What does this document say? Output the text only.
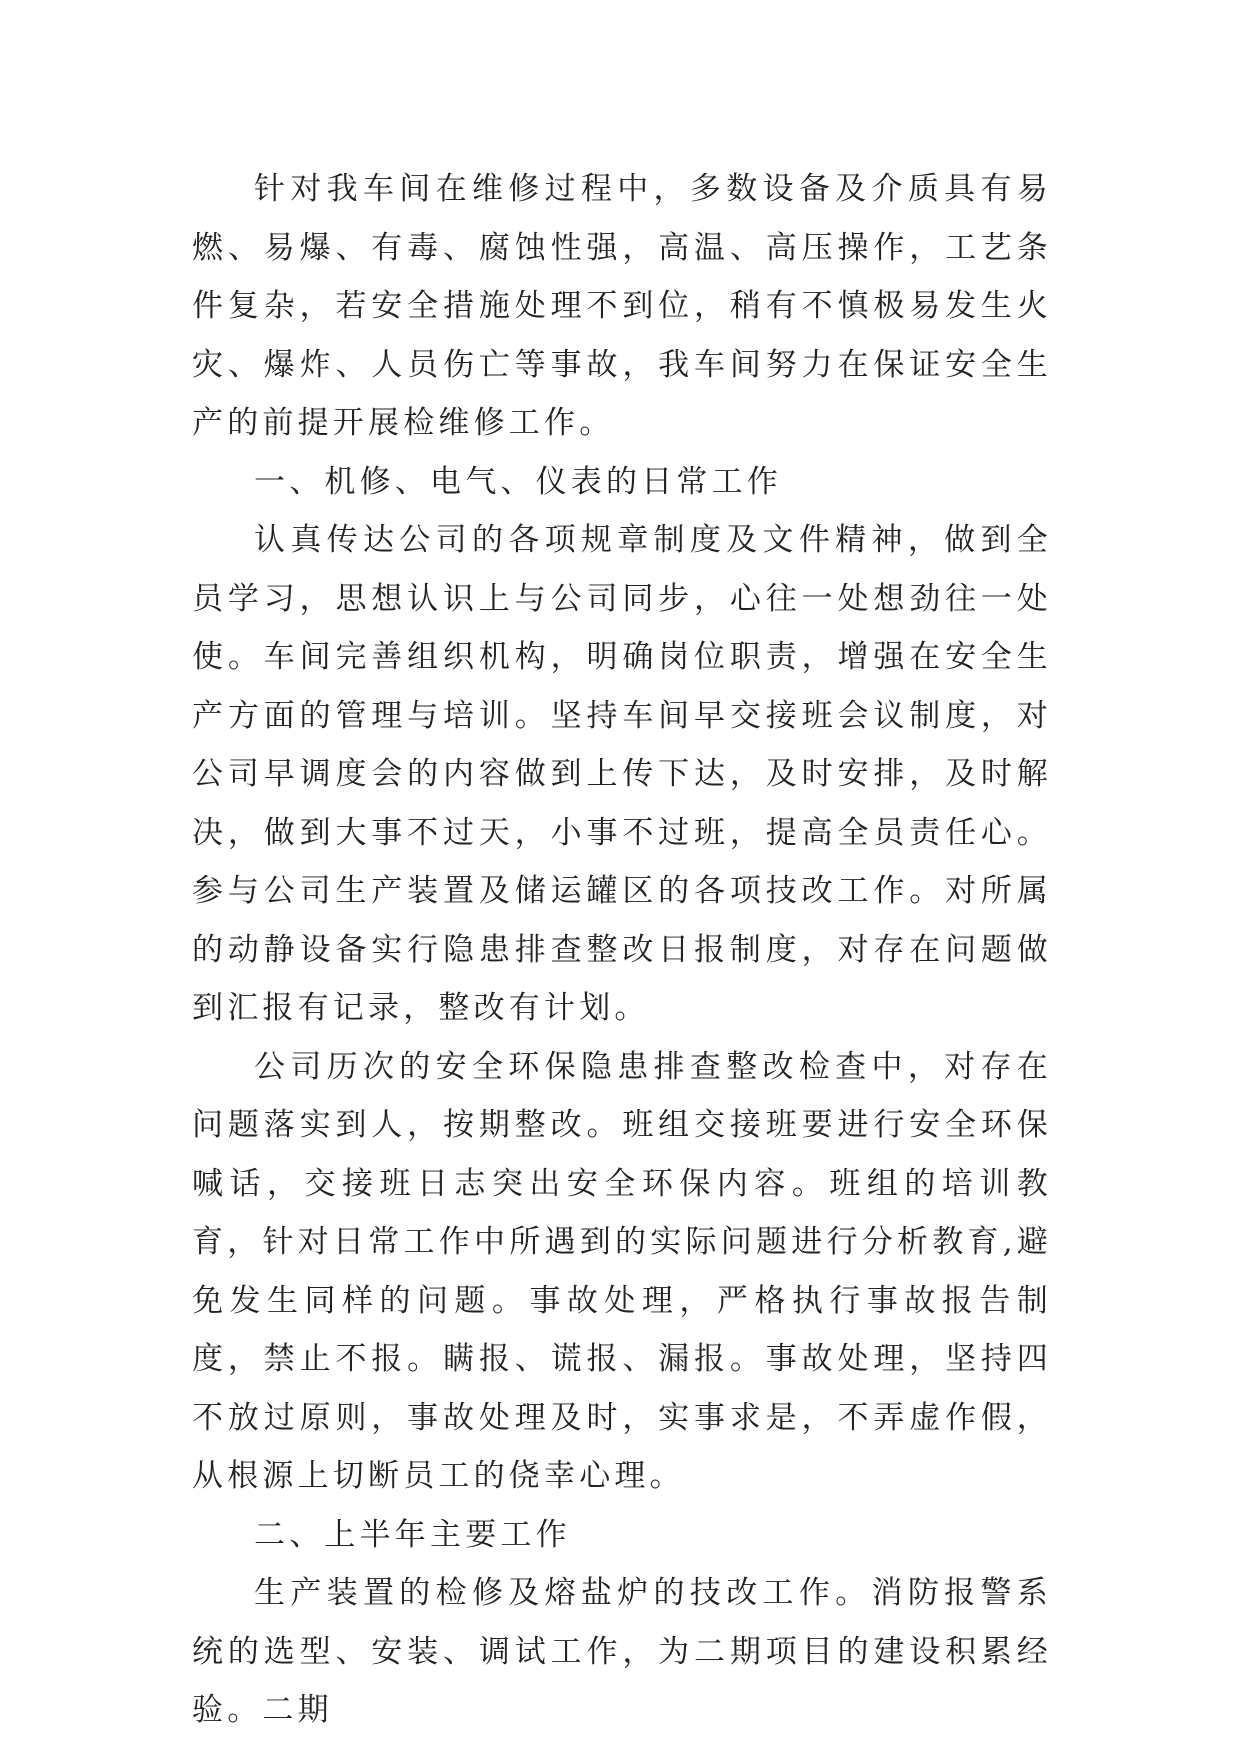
针对我车间在维修过程中，多数设备及介质具有易燃、易爆、有毒、腐蚀性强，高温、高压操作，工艺条件复杂，若安全措施处理不到位，稍有不慎极易发生火灾、爆炸、人员伤亡等事故，我车间努力在保证安全生产的前提开展检维修工作。

一、机修、电气、仪表的日常工作

认真传达公司的各项规章制度及文件精神，做到全员学习，思想认识上与公司同步，心往一处想劲往一处使。车间完善组织机构，明确岗位职责，增强在安全生产方面的管理与培训。坚持车间早交接班会议制度，对公司早调度会的内容做到上传下达，及时安排，及时解决，做到大事不过天，小事不过班，提高全员责任心。参与公司生产装置及储运罐区的各项技改工作。对所属的动静设备实行隐患排查整改日报制度，对存在问题做到汇报有记录，整改有计划。

公司历次的安全环保隐患排查整改检查中，对存在问题落实到人，按期整改。班组交接班要进行安全环保喊话，交接班日志突出安全环保内容。班组的培训教育，针对日常工作中所遇到的实际问题进行分析教育,避免发生同样的问题。事故处理，严格执行事故报告制度，禁止不报。瞒报、谎报、漏报。事故处理，坚持四不放过原则，事故处理及时，实事求是，不弄虚作假，从根源上切断员工的侥幸心理。

二、上半年主要工作

生产装置的检修及熔盐炉的技改工作。消防报警系统的选型、安装、调试工作，为二期项目的建设积累经验。二期
